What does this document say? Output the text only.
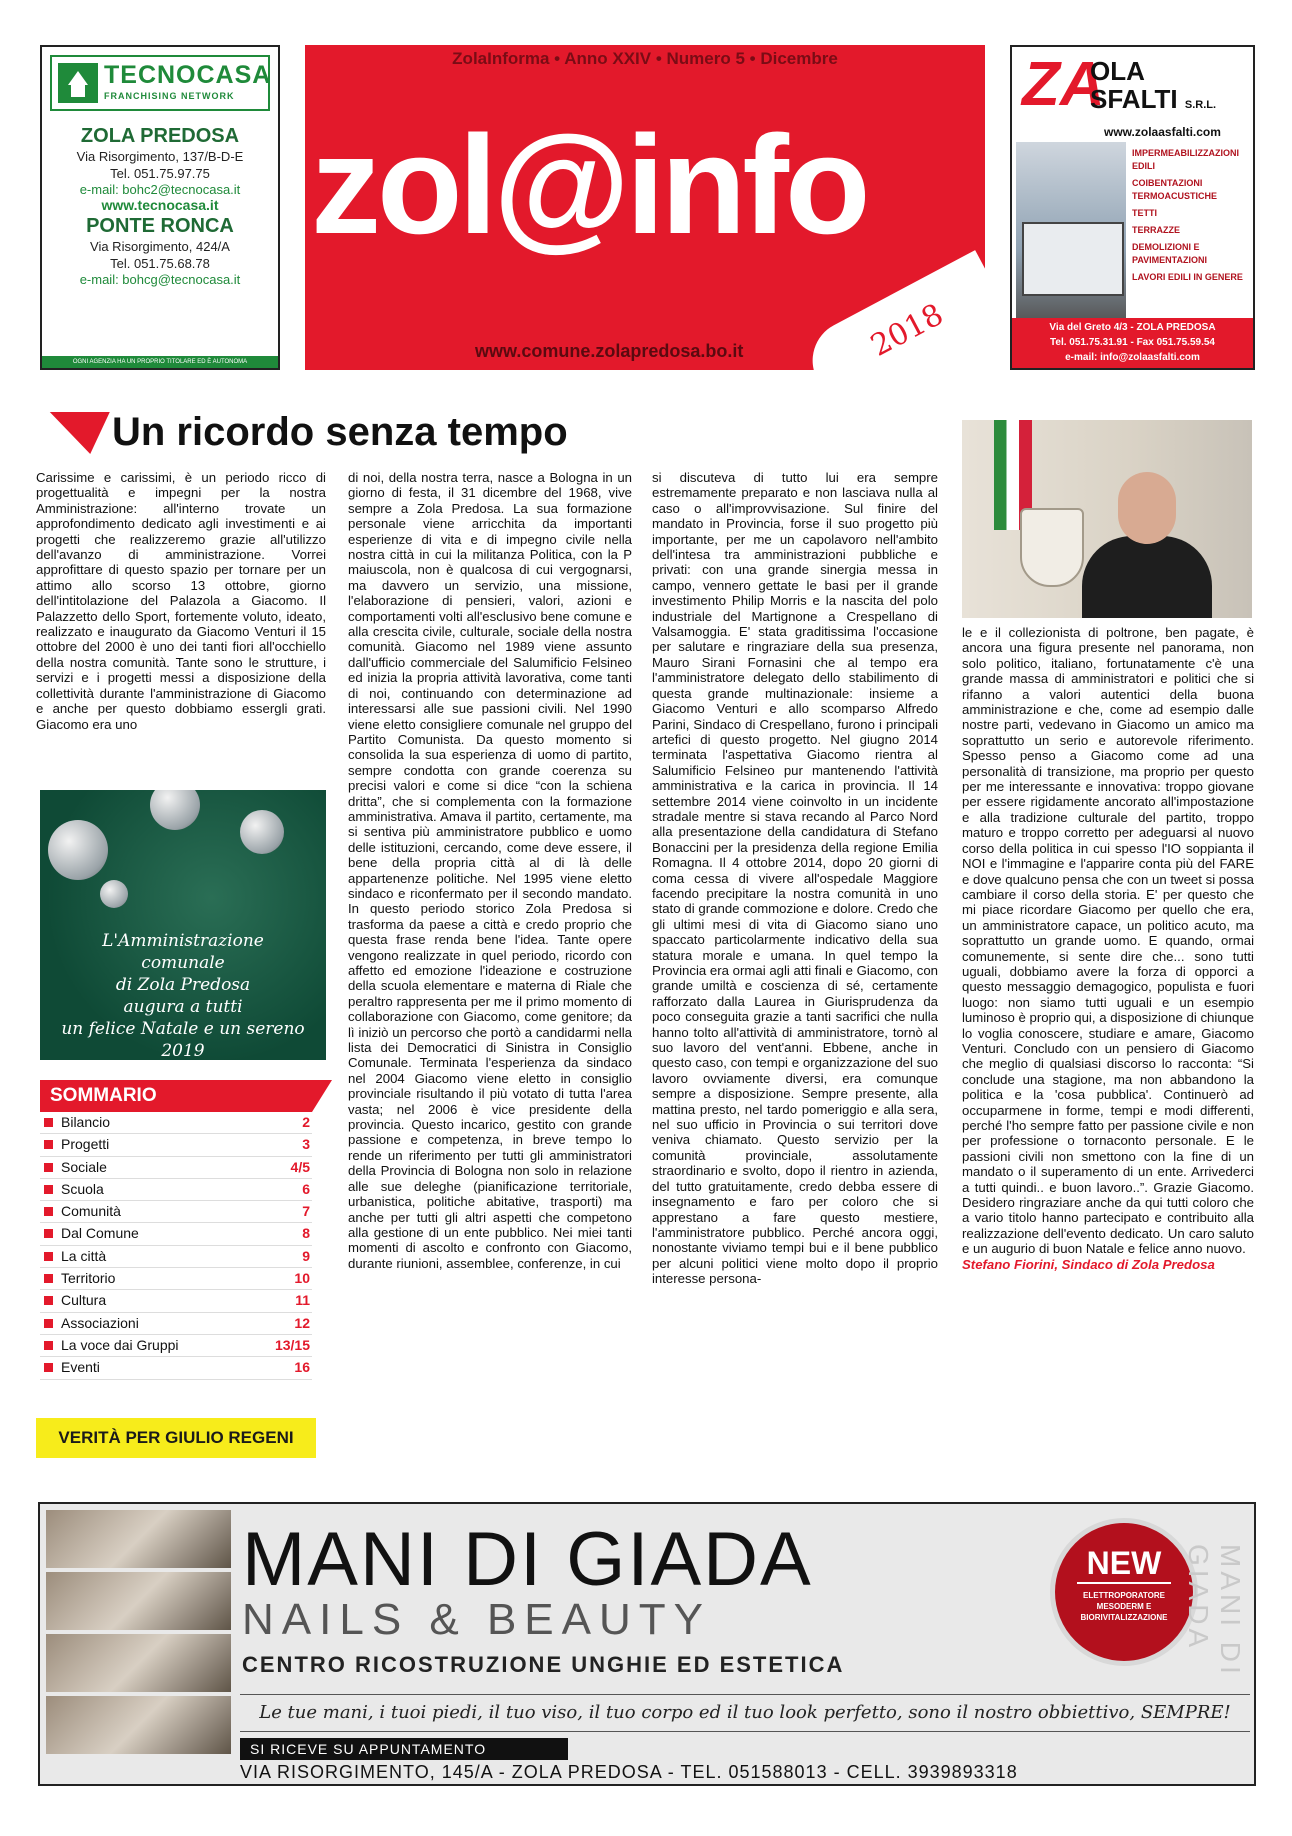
TECNOCASA
FRANCHISING NETWORK
ZOLA PREDOSA
Via Risorgimento, 137/B-D-E
Tel. 051.75.97.75
e-mail: bohc2@tecnocasa.it
www.tecnocasa.it
PONTE RONCA
Via Risorgimento, 424/A
Tel. 051.75.68.78
e-mail: bohcg@tecnocasa.it
OGNI AGENZIA HA UN PROPRIO TITOLARE ED È AUTONOMA
ZolaInforma • Anno XXIV • Numero 5 • Dicembre
zol@info
www.comune.zolapredosa.bo.it	2018
ZA
OLA
SFALTI S.R.L.
www.zolaasfalti.com
IMPERMEABILIZZAZIONI EDILI
COIBENTAZIONI TERMOACUSTICHE
TETTI
TERRAZZE
DEMOLIZIONI E PAVIMENTAZIONI
LAVORI EDILI IN GENERE
Via del Greto 4/3 - ZOLA PREDOSA
Tel. 051.75.31.91 - Fax 051.75.59.54
e-mail: info@zolaasfalti.com
Un ricordo senza tempo
Carissime e carissimi, è un periodo ricco di progettualità e impegni per la nostra Amministrazione: all'interno trovate un approfondimento dedicato agli investimenti e ai progetti che realizzeremo grazie all'utilizzo dell'avanzo di amministrazione. Vorrei approfittare di questo spazio per tornare per un attimo allo scorso 13 ottobre, giorno dell'intitolazione del Palazola a Giacomo. Il Palazzetto dello Sport, fortemente voluto, ideato, realizzato e inaugurato da Giacomo Venturi il 15 ottobre del 2000 è uno dei tanti fiori all'occhiello della nostra comunità. Tante sono le strutture, i servizi e i progetti messi a disposizione della collettività durante l'amministrazione di Giacomo e anche per questo dobbiamo essergli grati. Giacomo era uno
di noi, della nostra terra, nasce a Bologna in un giorno di festa, il 31 dicembre del 1968, vive sempre a Zola Predosa. La sua formazione personale viene arricchita da importanti esperienze di vita e di impegno civile nella nostra città in cui la militanza Politica, con la P maiuscola, non è qualcosa di cui vergognarsi, ma davvero un servizio, una missione, l'elaborazione di pensieri, valori, azioni e comportamenti volti all'esclusivo bene comune e alla crescita civile, culturale, sociale della nostra comunità. Giacomo nel 1989 viene assunto dall'ufficio commerciale del Salumificio Felsineo ed inizia la propria attività lavorativa, come tanti di noi, continuando con determinazione ad interessarsi alle sue passioni civili. Nel 1990 viene eletto consigliere comunale nel gruppo del Partito Comunista. Da questo momento si consolida la sua esperienza di uomo di partito, sempre condotta con grande coerenza su precisi valori e come si dice “con la schiena dritta”, che si complementa con la formazione amministrativa. Amava il partito, certamente, ma si sentiva più amministratore pubblico e uomo delle istituzioni, cercando, come deve essere, il bene della propria città al di là delle appartenenze politiche. Nel 1995 viene eletto sindaco e riconfermato per il secondo mandato. In questo periodo storico Zola Predosa si trasforma da paese a città e credo proprio che questa frase renda bene l'idea. Tante opere vengono realizzate in quel periodo, ricordo con affetto ed emozione l'ideazione e costruzione della scuola elementare e materna di Riale che peraltro rappresenta per me il primo momento di collaborazione con Giacomo, come genitore; da lì iniziò un percorso che portò a candidarmi nella lista dei Democratici di Sinistra in Consiglio Comunale. Terminata l'esperienza da sindaco nel 2004 Giacomo viene eletto in consiglio provinciale risultando il più votato di tutta l'area vasta; nel 2006 è vice presidente della provincia. Questo incarico, gestito con grande passione e competenza, in breve tempo lo rende un riferimento per tutti gli amministratori della Provincia di Bologna non solo in relazione alle sue deleghe (pianificazione territoriale, urbanistica, politiche abitative, trasporti) ma anche per tutti gli altri aspetti che competono alla gestione di un ente pubblico. Nei miei tanti momenti di ascolto e confronto con Giacomo, durante riunioni, assemblee, conferenze, in cui
si discuteva di tutto lui era sempre estremamente preparato e non lasciava nulla al caso o all'improvvisazione. Sul finire del mandato in Provincia, forse il suo progetto più importante, per me un capolavoro nell'ambito dell'intesa tra amministrazioni pubbliche e privati: con una grande sinergia messa in campo, vennero gettate le basi per il grande investimento Philip Morris e la nascita del polo industriale del Martignone a Crespellano di Valsamoggia. E' stata graditissima l'occasione per salutare e ringraziare della sua presenza, Mauro Sirani Fornasini che al tempo era l'amministratore delegato dello stabilimento di questa grande multinazionale: insieme a Giacomo Venturi e allo scomparso Alfredo Parini, Sindaco di Crespellano, furono i principali artefici di questo progetto. Nel giugno 2014 terminata l'aspettativa Giacomo rientra al Salumificio Felsineo pur mantenendo l'attività amministrativa e la carica in provincia. Il 14 settembre 2014 viene coinvolto in un incidente stradale mentre si stava recando al Parco Nord alla presentazione della candidatura di Stefano Bonaccini per la presidenza della regione Emilia Romagna. Il 4 ottobre 2014, dopo 20 giorni di coma cessa di vivere all'ospedale Maggiore facendo precipitare la nostra comunità in uno stato di grande commozione e dolore. Credo che gli ultimi mesi di vita di Giacomo siano uno spaccato particolarmente indicativo della sua statura morale e umana. In quel tempo la Provincia era ormai agli atti finali e Giacomo, con grande umiltà e coscienza di sé, certamente rafforzato dalla Laurea in Giurisprudenza da poco conseguita grazie a tanti sacrifici che nulla hanno tolto all'attività di amministratore, tornò al suo lavoro del vent'anni. Ebbene, anche in questo caso, con tempi e organizzazione del suo lavoro ovviamente diversi, era comunque sempre a disposizione. Sempre presente, alla mattina presto, nel tardo pomeriggio e alla sera, nel suo ufficio in Provincia o sui territori dove veniva chiamato. Questo servizio per la comunità provinciale, assolutamente straordinario e svolto, dopo il rientro in azienda, del tutto gratuitamente, credo debba essere di insegnamento e faro per coloro che si apprestano a fare questo mestiere, l'amministratore pubblico. Perché ancora oggi, nonostante viviamo tempi bui e il bene pubblico per alcuni politici viene molto dopo il proprio interesse persona-
le e il collezionista di poltrone, ben pagate, è ancora una figura presente nel panorama, non solo politico, italiano, fortunatamente c'è una grande massa di amministratori e politici che si rifanno a valori autentici della buona amministrazione e che, come ad esempio dalle nostre parti, vedevano in Giacomo un amico ma soprattutto un serio e autorevole riferimento. Spesso penso a Giacomo come ad una personalità di transizione, ma proprio per questo per me interessante e innovativa: troppo giovane per essere rigidamente ancorato all'impostazione e alla tradizione culturale del partito, troppo maturo e troppo corretto per adeguarsi al nuovo corso della politica in cui spesso l'IO soppianta il NOI e l'immagine e l'apparire conta più del FARE e dove qualcuno pensa che con un tweet si possa cambiare il corso della storia. E' per questo che mi piace ricordare Giacomo per quello che era, un amministratore capace, un politico acuto, ma soprattutto un grande uomo. E quando, ormai comunemente, si sente dire che... sono tutti uguali, dobbiamo avere la forza di opporci a questo messaggio demagogico, populista e fuori luogo: non siamo tutti uguali e un esempio luminoso è proprio qui, a disposizione di chiunque lo voglia conoscere, studiare e amare, Giacomo Venturi. Concludo con un pensiero di Giacomo che meglio di qualsiasi discorso lo racconta: “Si conclude una stagione, ma non abbandono la politica e la 'cosa pubblica'. Continuerò ad occuparmene in forme, tempi e modi differenti, perché l'ho sempre fatto per passione civile e non per professione o tornaconto personale. E le passioni civili non smettono con la fine di un mandato o il superamento di un ente. Arrivederci a tutti quindi.. e buon lavoro..”. Grazie Giacomo. Desidero ringraziare anche da qui tutti coloro che a vario titolo hanno partecipato e contribuito alla realizzazione dell'evento dedicato. Un caro saluto e un augurio di buon Natale e felice anno nuovo.
Stefano Fiorini, Sindaco di Zola Predosa
L'Amministrazione
comunale
di Zola Predosa
augura a tutti
un felice Natale e un sereno 2019
SOMMARIO
Bilancio	2
Progetti	3
Sociale	4/5
Scuola	6
Comunità	7
Dal Comune	8
La città	9
Territorio	10
Cultura	11
Associazioni	12
La voce dai Gruppi	13/15
Eventi	16
VERITÀ PER GIULIO REGENI
MANI DI GIADA
NAILS & BEAUTY
CENTRO RICOSTRUZIONE UNGHIE ED ESTETICA
NEW
ELETTROPORATORE MESODERM E BIORIVITALIZZAZIONE
Le tue mani, i tuoi piedi, il tuo viso, il tuo corpo ed il tuo look perfetto, sono il nostro obbiettivo, SEMPRE!
SI RICEVE SU APPUNTAMENTO
VIA RISORGIMENTO, 145/A - ZOLA PREDOSA - TEL. 051588013 - CELL. 3939893318
MANI DI GIADA
